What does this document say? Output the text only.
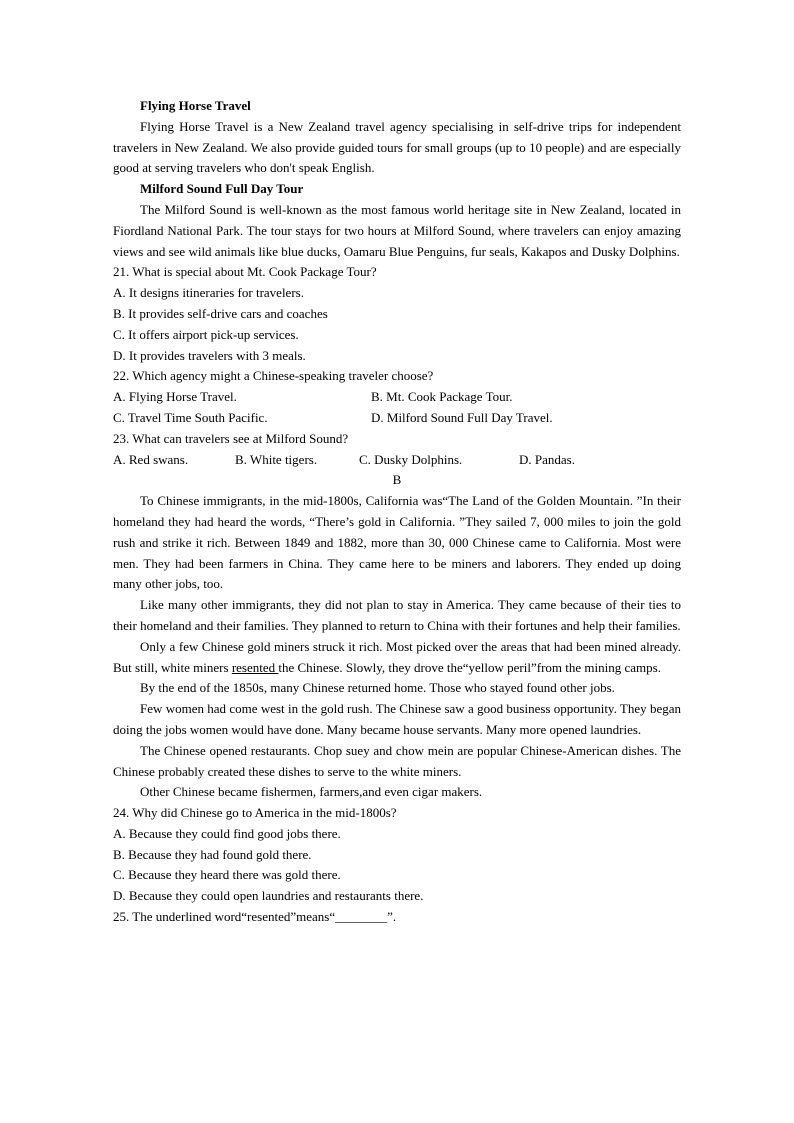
Flying Horse Travel

Flying Horse Travel is a New Zealand travel agency specialising in self-drive trips for independent travelers in New Zealand. We also provide guided tours for small groups (up to 10 people) and are especially good at serving travelers who don't speak English.

Milford Sound Full Day Tour

The Milford Sound is well-known as the most famous world heritage site in New Zealand, located in Fiordland National Park. The tour stays for two hours at Milford Sound, where travelers can enjoy amazing views and see wild animals like blue ducks, Oamaru Blue Penguins, fur seals, Kakapos and Dusky Dolphins.

21. What is special about Mt. Cook Package Tour?
A. It designs itineraries for travelers.
B. It provides self-drive cars and coaches
C. It offers airport pick-up services.
D. It provides travelers with 3 meals.
22. Which agency might a Chinese-speaking traveler choose?
A. Flying Horse Travel.	B. Mt. Cook Package Tour.
C. Travel Time South Pacific.	D. Milford Sound Full Day Travel.
23. What can travelers see at Milford Sound?
A. Red swans.	B. White tigers.	C. Dusky Dolphins.	D. Pandas.
B

To Chinese immigrants, in the mid-1800s, California was“The Land of the Golden Mountain. ”In their homeland they had heard the words, “There’s gold in California. ”They sailed 7, 000 miles to join the gold rush and strike it rich. Between 1849 and 1882, more than 30, 000 Chinese came to California. Most were men. They had been farmers in China. They came here to be miners and laborers. They ended up doing many other jobs, too.

Like many other immigrants, they did not plan to stay in America. They came because of their ties to their homeland and their families. They planned to return to China with their fortunes and help their families.

Only a few Chinese gold miners struck it rich. Most picked over the areas that had been mined already. But still, white miners resented the Chinese. Slowly, they drove the“yellow peril”from the mining camps.

By the end of the 1850s, many Chinese returned home. Those who stayed found other jobs.

Few women had come west in the gold rush. The Chinese saw a good business opportunity. They began doing the jobs women would have done. Many became house servants. Many more opened laundries.

The Chinese opened restaurants. Chop suey and chow mein are popular Chinese-American dishes. The Chinese probably created these dishes to serve to the white miners.

Other Chinese became fishermen, farmers,and even cigar makers.

24. Why did Chinese go to America in the mid-1800s?
A. Because they could find good jobs there.
B. Because they had found gold there.
C. Because they heard there was gold there.
D. Because they could open laundries and restaurants there.
25. The underlined word“resented”means“________”.
